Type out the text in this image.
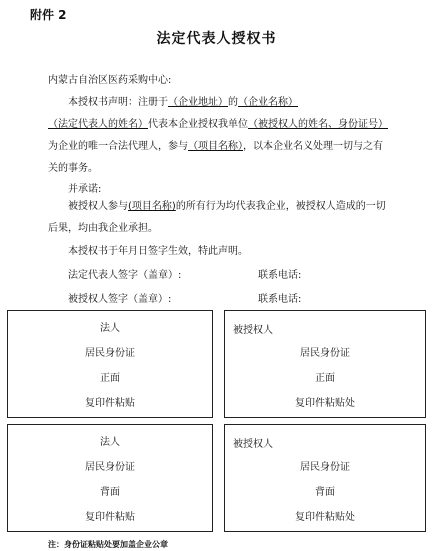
附件 2
法定代表人授权书
内蒙古自治区医药采购中心:
本授权书声明：注册于（企业地址）的（企业名称）（法定代表人的姓名）代表本企业授权我单位（被授权人的姓名、身份证号）为企业的唯一合法代理人，参与（项目名称），以本企业名义处理一切与之有关的事务。
并承诺:
被授权人参与(项目名称)的所有行为均代表我企业，被授权人造成的一切后果，均由我企业承担。
本授权书于年月日签字生效，特此声明。
法定代表人签字（盖章）:	联系电话:
被授权人签字（盖章）:	联系电话:
法人
居民身份证
正面
复印件粘贴
被授权人
居民身份证
正面
复印件粘贴处
法人
居民身份证
背面
复印件粘贴
被授权人
居民身份证
背面
复印件粘贴处
注：身份证粘贴处要加盖企业公章
